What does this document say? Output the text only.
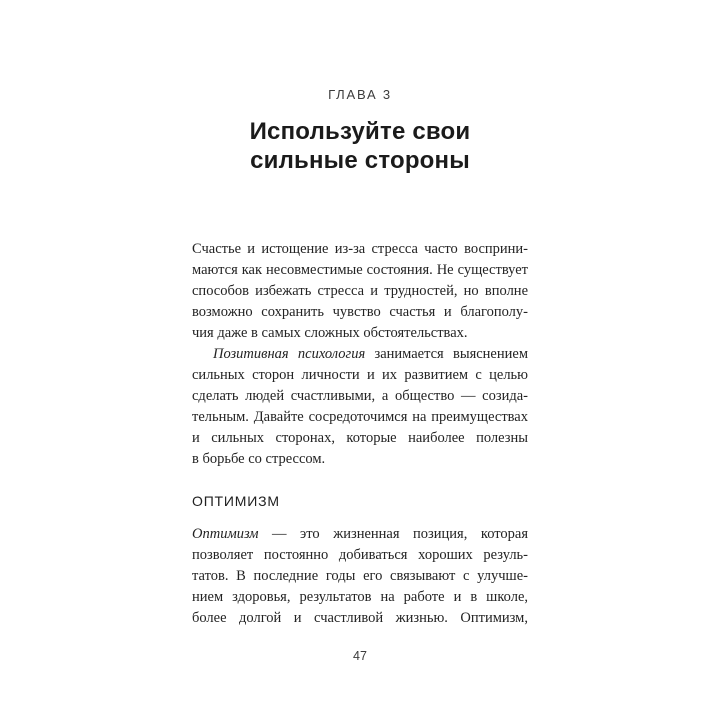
ГЛАВА 3
Используйте свои
сильные стороны
Счастье и истощение из-за стресса часто восприни-
маются как несовместимые состояния. Не существует
способов избежать стресса и трудностей, но вполне
возможно сохранить чувство счастья и благополу-
чия даже в самых сложных обстоятельствах.
Позитивная психология занимается выяснением
сильных сторон личности и их развитием с целью
сделать людей счастливыми, а общество — созида-
тельным. Давайте сосредоточимся на преимуществах
и сильных сторонах, которые наиболее полезны
в борьбе со стрессом.
ОПТИМИЗМ
Оптимизм — это жизненная позиция, которая
позволяет постоянно добиваться хороших резуль-
татов. В последние годы его связывают с улучше-
нием здоровья, результатов на работе и в школе,
более долгой и счастливой жизнью. Оптимизм,
47
